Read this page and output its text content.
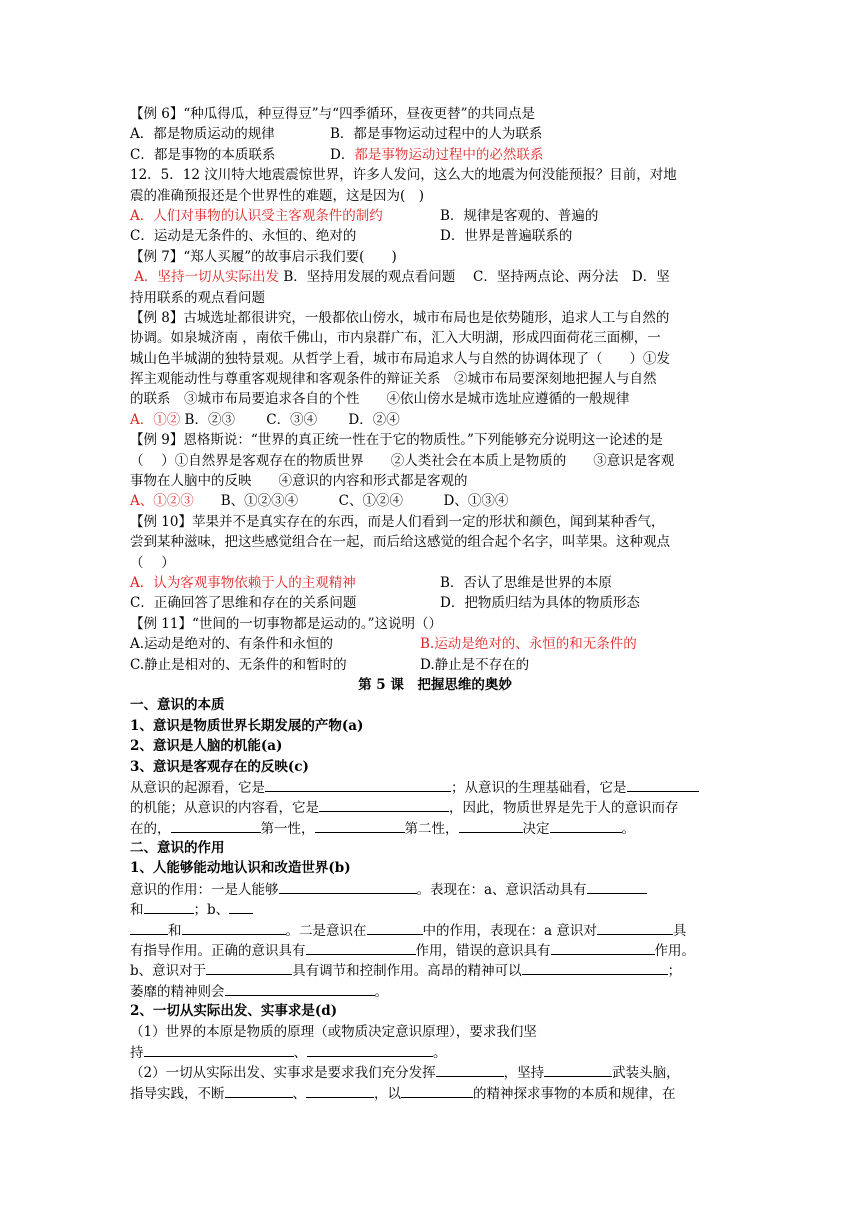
【例 6】“种瓜得瓜，种豆得豆”与“四季循环，昼夜更替”的共同点是
A．都是物质运动的规律	B．都是事物运动过程中的人为联系
C．都是事物的本质联系	D．都是事物运动过程中的必然联系
12．5．12 汶川特大地震震惊世界，许多人发问，这么大的地震为何没能预报？目前，对地
震的准确预报还是个世界性的难题，这是因为(　)
A．人们对事物的认识受主客观条件的制约	B．规律是客观的、普遍的
C．运动是无条件的、永恒的、绝对的	D．世界是普遍联系的
【例 7】“郑人买履”的故事启示我们要(　　)
A．坚持一切从实际出发 B．坚持用发展的观点看问题　 C．坚持两点论、两分法　D．坚
持用联系的观点看问题
【例 8】古城选址都很讲究，一般都依山傍水，城市布局也是依势随形，追求人工与自然的
协调。如泉城济南 ，南依千佛山，市内泉群广布，汇入大明湖，形成四面荷花三面柳，一
城山色半城湖的独特景观。从哲学上看，城市布局追求人与自然的协调体现了（　　）①发
挥主观能动性与尊重客观规律和客观条件的辩证关系　②城市布局要深刻地把握人与自然
的联系　③城市布局要追求各自的个性　　④依山傍水是城市选址应遵循的一般规律
A．①② B．②③　　 C．③④　　 D．②④
【例 9】恩格斯说：“世界的真正统一性在于它的物质性。”下列能够充分说明这一论述的是
（　 ）①自然界是客观存在的物质世界　　②人类社会在本质上是物质的　　③意识是客观
事物在人脑中的反映　　④意识的内容和形式都是客观的
A、①②③　　B、①②③④　　　C、①②④　　　D、①③④
【例 10】苹果并不是真实存在的东西，而是人们看到一定的形状和颜色，闻到某种香气，
尝到某种滋味，把这些感觉组合在一起，而后给这感觉的组合起个名字，叫苹果。这种观点
（　 ）
A．认为客观事物依赖于人的主观精神	B．否认了思维是世界的本原
C．正确回答了思维和存在的关系问题	D．把物质归结为具体的物质形态
【例 11】“世间的一切事物都是运动的。”这说明（）
A.运动是绝对的、有条件和永恒的	B.运动是绝对的、永恒的和无条件的
C.静止是相对的、无条件的和暂时的	D.静止是不存在的
第 5 课　把握思维的奥妙
一、意识的本质
1、意识是物质世界长期发展的产物(a)
2、意识是人脑的机能(a)
3、意识是客观存在的反映(c)
从意识的起源看，它是	；从意识的生理基础看，它是
的机能；从意识的内容看，它是	，因此，物质世界是先于人的意识而存
在的，	第一性，	第二性，	决定	。
二、意识的作用
1、人能够能动地认识和改造世界(b)
意识的作用：一是人能够	。表现在：a、意识活动具有
和	；b、
和	。二是意识在	中的作用，表现在：a 意识对	具
有指导作用。正确的意识具有	作用，错误的意识具有	作用。
b、意识对于	具有调节和控制作用。高昂的精神可以	；
萎靡的精神则会	。
2、一切从实际出发、实事求是(d)
（1）世界的本原是物质的原理（或物质决定意识原理），要求我们坚
持	、	。
（2）一切从实际出发、实事求是要求我们充分发挥	，坚持	武装头脑，
指导实践，不断	、	，以	的精神探求事物的本质和规律，在
